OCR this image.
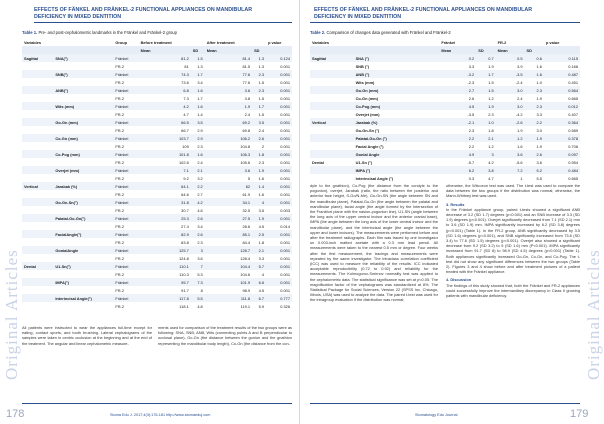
Original Articles
EFFECTS OF FÄNKEL AND FRÄNKEL-2 FUNCTIONAL APPLIANCES ON MANDIBULAR DEFICIENCY IN MIXED DENTITION
Table 1. Pre- and post-cephalometric landmarks in the Fränkel and Fränkel-2 group
Variables		Group	Before treatment		After treatment		p value
			Mean	SD	Mean	SD	
Sagittal	SNA(°)	Fränkel	81.2	1.5	81.4	1.3	0.124
		FR-2	81	1.3	81.5	1.3	0.001
	SNB(°)	Fränkel	74.3	1.7	77.6	2.3	0.001
		FR-2	73.6	3.4	77.6	1.5	0.001
	ANB(°)	Fränkel	6.8	1.6	3.6	2.3	0.001
		FR-2	7.3	1.7	3.8	1.5	0.001
	Wits (mm)	Fränkel	4.2	1.6	1.9	1.7	0.001
		FR-2	4.7	1.4	2.4	1.5	0.001
	Go-Gn (mm)	Fränkel	66.5	3.5	69.2	3.5	0.001
		FR-2	66.7	2.9	69.8	2.4	0.001
	Co-Gn (mm)	Fränkel	103.7	2.9	106.2	2.6	0.001
		FR-2	109	2.3	104.8	2	0.001
	Co-Pog (mm)	Fränkel	101.8	1.6	106.3	1.8	0.001
		FR-2	102.6	2.4	105.6	2.3	0.001
	Overjet (mm)	Fränkel	7.1	2.1	3.6	1.9	0.001
		FR-2	9.2	3.2	5	1.6	0.001
Vertical	Jarabak (%)	Fränkel	64.1	2.2	62	1.4	0.001
		FR-2	64.6	2.7	61.9	1.6	0.001
	Go-Gn-Sn(°)	Fränkel	31.8	4.2	34.1	4	0.001
		FR-2	30.7	4.6	32.5	3.5	0.003
	Palatal-Go-Gn(°)	Fränkel	25.3	2.6	27.5	1.9	0.001
		FR-2	27.4	3.4	28.6	4.5	0.014
	FacialAngle(°)	Fränkel	82.9	2.6	85.1	2.5	0.001
		FR-2	83.8	2.3	84.4	1.8	0.001
	GonialAngle	Fränkel	125.7	3	128.7	2.1	0.001
		FR-2	124.8	3.6	128.4	3.3	0.001
Dental	U1-Sn(°)	Fränkel	110.1	7	104.4	5.7	0.001
		FR-2	110.3	5.3	104.6	4	0.001
	IMPA(°)	Fränkel	95.7	7.3	101.9	6.6	0.001
		FR-2	91.7	8	98.9	4.5	0.001
	Interincisal Angle(°)	Fränkel	117.8	5.5	111.8	6.7	0.777
		FR-2	118.1	4.8	119.1	5.9	0.326
All patients were instructed to wear the appliances full-time except for eating, contact sports, and tooth brushing. Lateral cephalograms of the samples were taken in centric occlusion at the beginning and at the end of the treatment. The angular and linear cephalometric measure-
ments used for comparison of the treatment results of the two groups were as following: SNA, SNB, ANB, Wits (connecting points A and B perpendicular to occlusal plane), Go-Gn (the distance between the gonion and the gnathion representing the mandibular body length), Co-Gn (the distance from the con-
178	Stoma Edu J. 2017;4(3):176-181 http://www.stomaeduj.com
Original Articles
EFFECTS OF FÄNKEL AND FRÄNKEL-2 FUNCTIONAL APPLIANCES ON MANDIBULAR DEFICIENCY IN MIXED DENTITION
Table 2. Comparison of changes data generated with Fränkel and Fränkel-2
Variables		Fränkel		FR-2		p value
		Mean	SD	Mean	SD	
Sagittal	SNA (°)	0.2	0.7	0.5	0.6	0.115
	SNB (°)	3.3	1.9	3.9	1.6	0.166
	ANB (°)	-3.2	1.7	-3.5	1.6	0.487
	Wits (mm)	-2.3	1.5	-2.4	1.0	0.451
	Go-Gn (mm)	2.7	1.5	3.0	2.3	0.564
	Co-Gn (mm)	2.6	1.2	2.4	1.9	0.665
	Co-Pog (mm)	4.5	1.9	3.0	2.3	0.012
	Overjet (mm)	-3.5	2.3	-4.2	3.3	0.407
Vertical	Jarabak (%)	-2.1	1.0	-2.6	2.2	0.364
	Go-Gn-Sn (°)	2.3	1.8	1.9	3.0	0.589
	Palatal-Go-Gn (°)	2.2	2.1	1.2	1.9	0.378
	Facial Angle (°)	2.2	1.2	1.6	1.9	0.706
	Gonial Angle	4.9	3	3.6	2.6	0.097
Dental	U1-Sn (°)	-5.7	4.2	-5.6	3.6	0.954
	IMPA (°)	6.2	3.8	7.2	5.2	0.484
	Interincisal Angle (°)	0.3	4.7	1	5.5	0.665
dyle to the gnathion), Co-Pog (the distance from the condyle to the pogonion), overjet, Jarabak (ratio, the ratio between the posterior and anterior face height, S-Go/N-Me), Go-Gn-SN (the angle between SN and the mandibular plane), Palatal-Go-Gn (the angle between the palatal and mandibular plane), facial angle (the angle formed by the intersection of the Frankfort plane with the nasion-pogonion line), U1-SN (angle between the long axis of the upper central incisor and the anterior cranial base), IMPA (the angle between the long axis of the lower central incisor and the mandibular plane), and the interincisal angle (the angle between the upper and lower incisors). The measurements were performed before and after the treatment radiographs. Each film was traced by one investigator on 0.003-inch matted acetate with a 0.3 mm lead pencil. All measurements were taken to the nearest 0.5 mm or degree. Four weeks after the first measurement, the tracings and measurements were repeated by the same investigator. The intraclass correlation coefficient (ICC) was used to measure the reliability of the results. ICC indicated acceptable reproducibility (0.72 to 0.92) and reliability for the measurements. The Kolmogorov-Smirnov normality test was applied to the cephalometric data. The statistical significance was set at p<0.05. The magnification factor of the cephalograms was standardized at 8%. The Statistical Package for Social Sciences, Version 22 (SPSS Inc. Chicago, Illinois, USA) was used to analyze the data. The paired t-test was used for the intragroup evaluation if the distribution was normal;
otherwise, the Wilcoxon test was used. The t-test was used to compare the data between the two groups if the distribution was normal; otherwise, the Mann-Whitney test was used.
3. Results
In the Fränkel appliance group, paired t-tests showed a significant ANB decrease of 3.2 (SD 1.7) degrees (p<0.001) and an SNB increase of 3.3 (SD 1.9) degrees (p<0.001). Overjet significantly decreased from 7.1 (SD 2.1) mm to 3.6 (SD 1.9) mm. IMPA significantly increased by 6.2 (SD 3.8) degrees (p<0.001) (Table 1). In the FR-2 group, ANB significantly decreased by 3.5 (SD 1.6) degrees (p<0.001), and SNB significantly increased from 73.6 (SD 3.4) to 77.6 (SD 1.5) degrees (p<0.001). Overjet also showed a significant decrease from 9.2 (SD 3.2) to 5 (SD 1.6) mm (P<0.001). IMPA significantly increased from 91.7 (SD 8) to 98.9 (SD 4.5) degrees (p<0.001) (Table 1). Both appliances significantly increased Go-Gn, Co-Gn, and Co-Pog. The t-test did not show any significant differences between the two groups (Table 2). Figures 3 and 4 show before and after treatment pictures of a patient treated with the Fränkel appliance.
4. Discussion
The findings of this study showed that, both the Fränkel and FR-2 appliances could successfully improve the intermaxillary discrepancy in Class II growing patients with mandibular deficiency.
179
Stomatology Edu Journal
